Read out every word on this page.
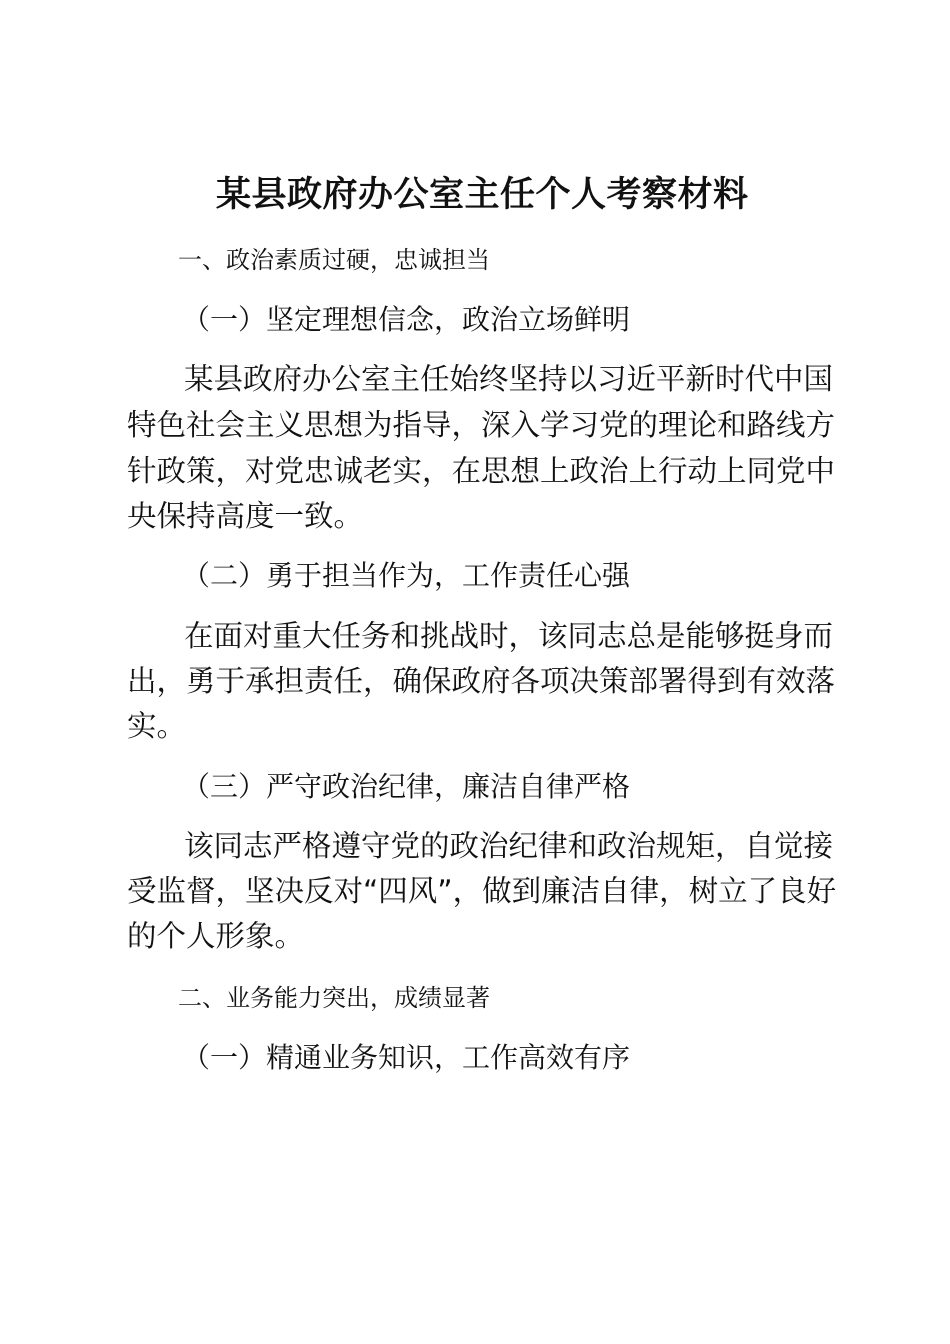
某县政府办公室主任个人考察材料
一、政治素质过硬，忠诚担当
（一）坚定理想信念，政治立场鲜明

某县政府办公室主任始终坚持以习近平新时代中国

特色社会主义思想为指导，深入学习党的理论和路线方

针政策，对党忠诚老实，在思想上政治上行动上同党中

央保持高度一致。

（二）勇于担当作为，工作责任心强

在面对重大任务和挑战时，该同志总是能够挺身而

出，勇于承担责任，确保政府各项决策部署得到有效落

实。

（三）严守政治纪律，廉洁自律严格

该同志严格遵守党的政治纪律和政治规矩，自觉接

受监督，坚决反对“四风”，做到廉洁自律，树立了良好

的个人形象。

二、业务能力突出，成绩显著
（一）精通业务知识，工作高效有序
